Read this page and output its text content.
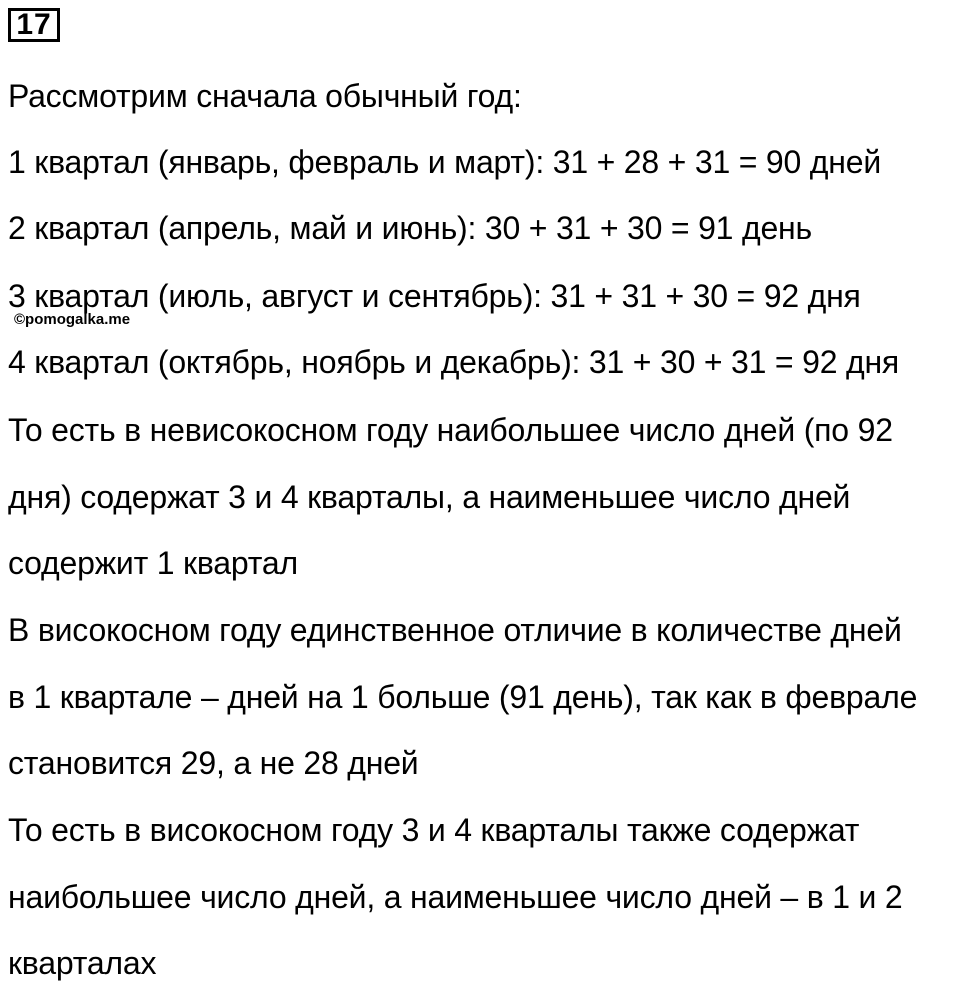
17
Рассмотрим сначала обычный год:
1 квартал (январь, февраль и март): 31 + 28 + 31 = 90 дней
2 квартал (апрель, май и июнь): 30 + 31 + 30 = 91 день
3 квартал (июль, август и сентябрь): 31 + 31 + 30 = 92 дня
©pomogalka.me
4 квартал (октябрь, ноябрь и декабрь): 31 + 30 + 31 = 92 дня
То есть в невисокосном году наибольшее число дней (по 92
дня) содержат 3 и 4 кварталы, а наименьшее число дней
содержит 1 квартал
В високосном году единственное отличие в количестве дней
в 1 квартале – дней на 1 больше (91 день), так как в феврале
становится 29, а не 28 дней
То есть в високосном году 3 и 4 кварталы также содержат
наибольшее число дней, а наименьшее число дней – в 1 и 2
кварталах
